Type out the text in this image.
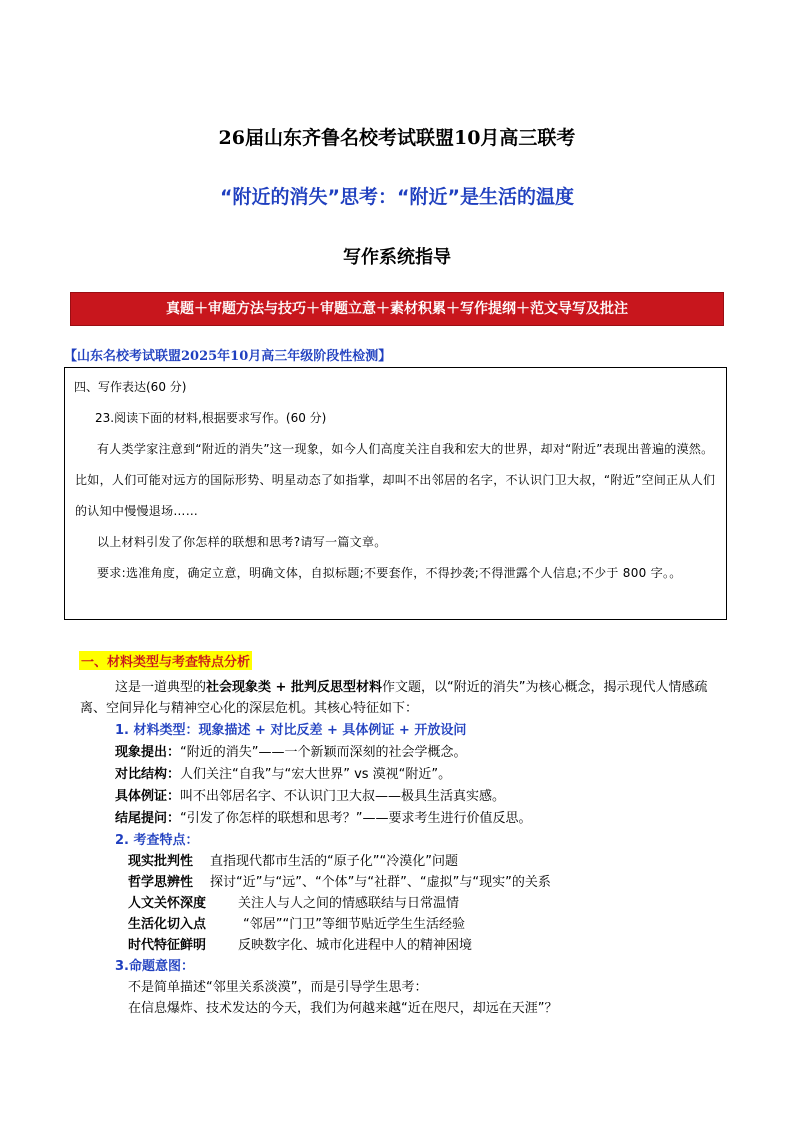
26届山东齐鲁名校考试联盟10月高三联考
“附近的消失”思考：“附近”是生活的温度
写作系统指导
真题＋审题方法与技巧＋审题立意＋素材积累＋写作提纲＋范文导写及批注
【山东名校考试联盟2025年10月高三年级阶段性检测】

四、写作表达(60 分)

23.阅读下面的材料,根据要求写作。(60 分)

有人类学家注意到“附近的消失”这一现象，如今人们高度关注自我和宏大的世界，却对“附近”表现出普遍的漠然。比如，人们可能对远方的国际形势、明星动态了如指掌，却叫不出邻居的名字，不认识门卫大叔，“附近”空间正从人们的认知中慢慢退场……

以上材料引发了你怎样的联想和思考?请写一篇文章。

要求:选准角度，确定立意，明确文体，自拟标题;不要套作，不得抄袭;不得泄露个人信息;不少于 800 字。。

一、材料类型与考查特点分析
这是一道典型的社会现象类 + 批判反思型材料作文题，以“附近的消失”为核心概念，揭示现代人情感疏离、空间异化与精神空心化的深层危机。其核心特征如下：
1. 材料类型：现象描述 + 对比反差 + 具体例证 + 开放设问
现象提出：“附近的消失”——一个新颖而深刻的社会学概念。
对比结构：人们关注“自我”与“宏大世界” vs 漠视“附近”。
具体例证：叫不出邻居名字、不认识门卫大叔——极具生活真实感。
结尾提问：“引发了你怎样的联想和思考？”——要求考生进行价值反思。
2. 考查特点：
现实批判性 直指现代都市生活的“原子化”“冷漠化”问题
哲学思辨性 探讨“近”与“远”、“个体”与“社群”、“虚拟”与“现实”的关系
人文关怀深度 关注人与人之间的情感联结与日常温情
生活化切入点	“邻居”“门卫”等细节贴近学生生活经验
时代特征鲜明 反映数字化、城市化进程中人的精神困境
3.命题意图：
不是简单描述“邻里关系淡漠”，而是引导学生思考：
在信息爆炸、技术发达的今天，我们为何越来越“近在咫尺，却远在天涯”？
